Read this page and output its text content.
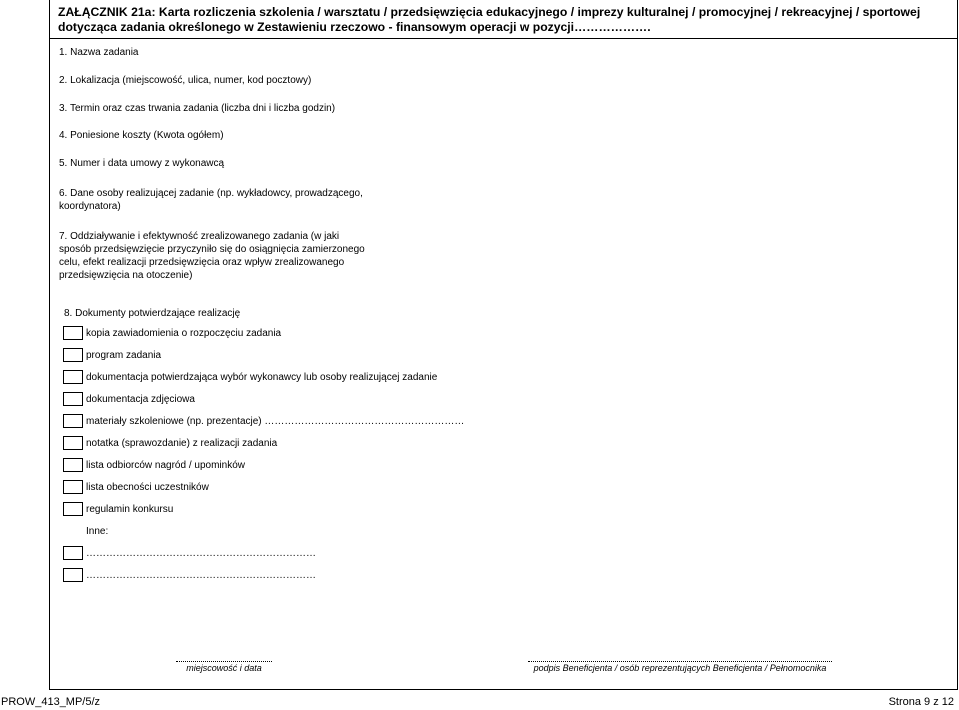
ZAŁĄCZNIK 21a: Karta rozliczenia szkolenia / warsztatu / przedsięwzięcia edukacyjnego / imprezy kulturalnej / promocyjnej / rekreacyjnej / sportowej dotycząca zadania określonego w Zestawieniu rzeczowo - finansowym operacji w pozycji……………….
1. Nazwa zadania
2. Lokalizacja (miejscowość, ulica, numer, kod pocztowy)
3. Termin oraz czas trwania zadania (liczba dni i liczba godzin)
4. Poniesione koszty (Kwota ogółem)
5. Numer i data umowy z wykonawcą
6. Dane osoby realizującej zadanie (np. wykładowcy, prowadzącego, koordynatora)
7. Oddziaływanie i efektywność zrealizowanego zadania (w jaki sposób przedsięwzięcie przyczyniło się do osiągnięcia zamierzonego celu, efekt realizacji przedsięwzięcia oraz wpływ zrealizowanego przedsięwzięcia na otoczenie)
8. Dokumenty potwierdzające realizację
kopia zawiadomienia o rozpoczęciu zadania
program zadania
dokumentacja potwierdzająca wybór wykonawcy lub osoby realizującej zadanie
dokumentacja zdjęciowa
materiały szkoleniowe (np. prezentacje) ……………………………………………………
notatka (sprawozdanie) z realizacji zadania
lista odbiorców nagród / upominków
lista obecności uczestników
regulamin konkursu
Inne:
……………………………………………………………
……………………………………………………………
miejscowość i data	podpis Beneficjenta / osób reprezentujących Beneficjenta / Pełnomocnika
PROW_413_MP/5/z	Strona 9 z 12
